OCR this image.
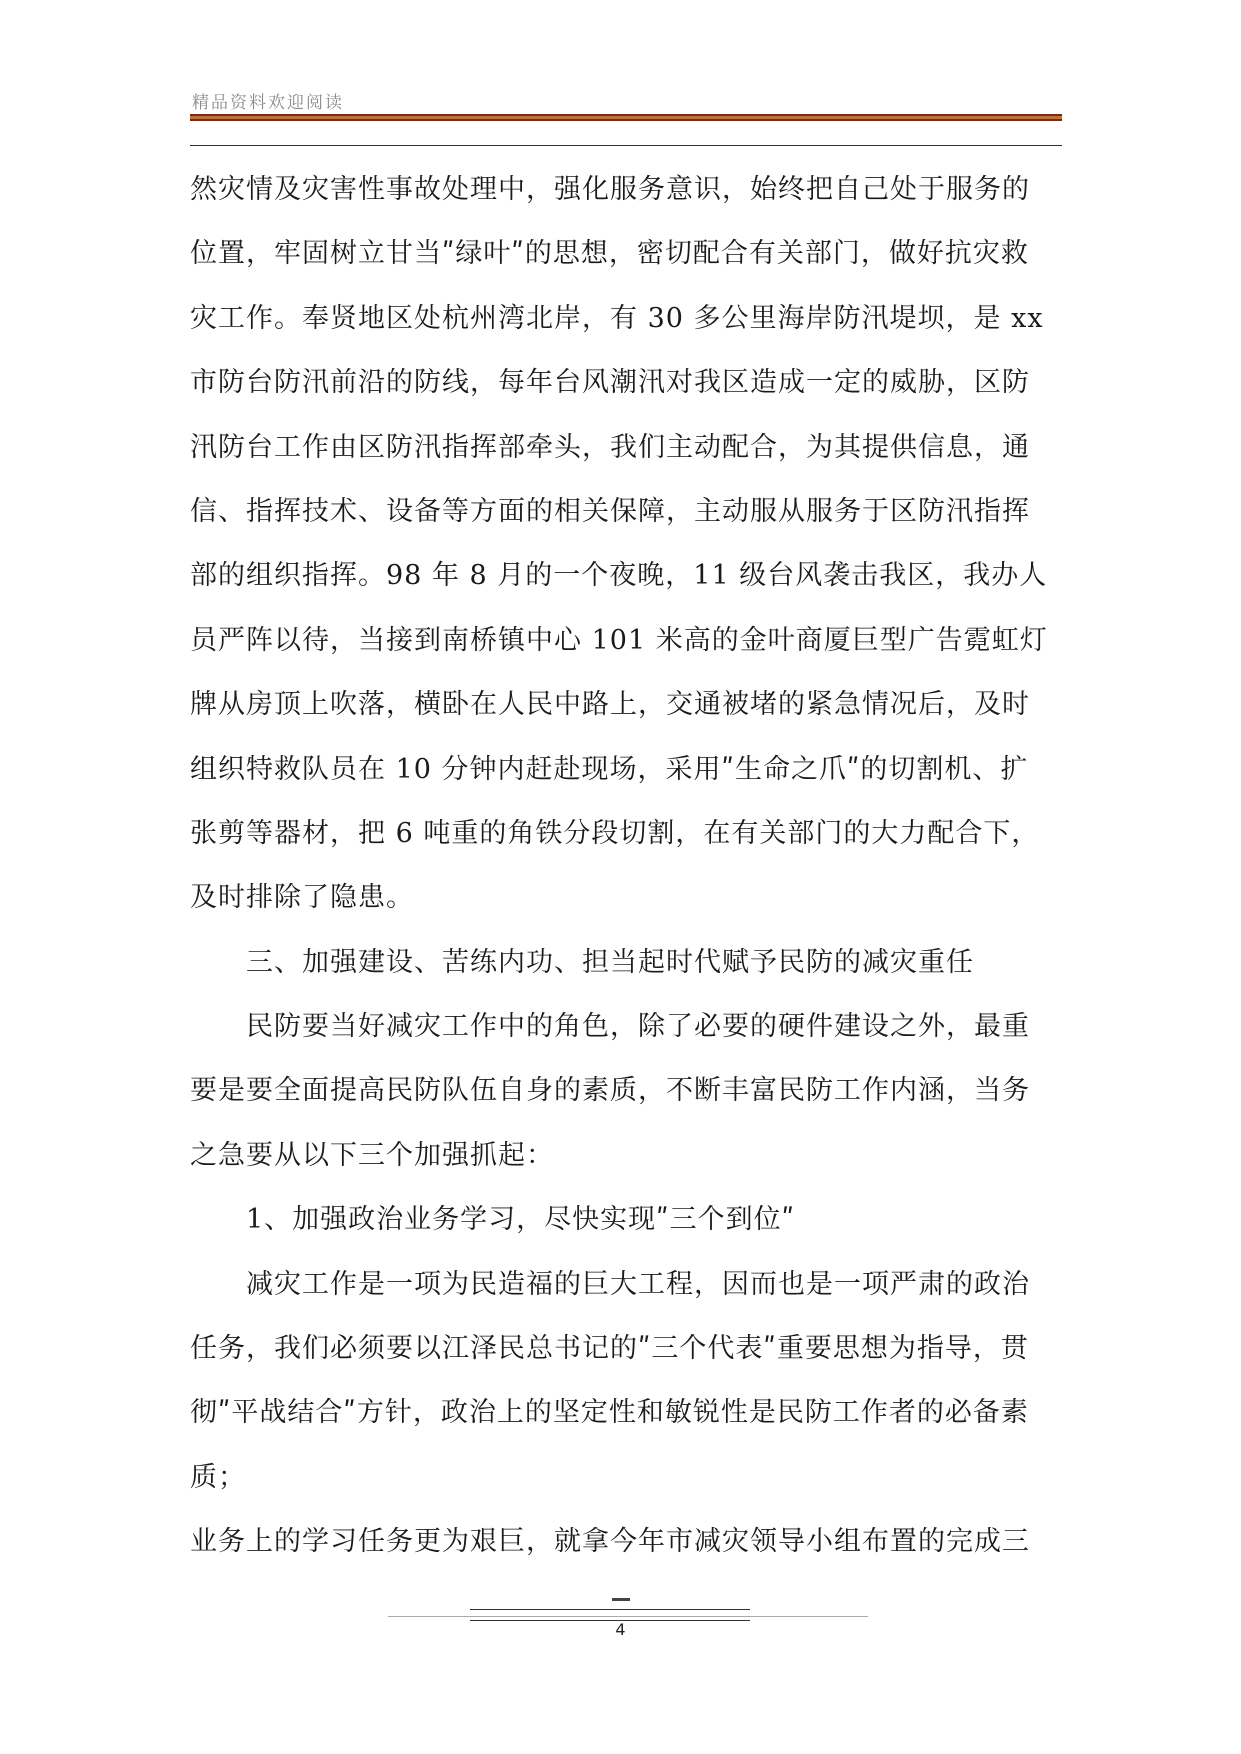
精品资料欢迎阅读
然灾情及灾害性事故处理中，强化服务意识，始终把自己处于服务的
位置，牢固树立甘当ʺ绿叶ʺ的思想，密切配合有关部门，做好抗灾救
灾工作。奉贤地区处杭州湾北岸，有 30 多公里海岸防汛堤坝，是 xx
市防台防汛前沿的防线，每年台风潮汛对我区造成一定的威胁，区防
汛防台工作由区防汛指挥部牵头，我们主动配合，为其提供信息，通
信、指挥技术、设备等方面的相关保障，主动服从服务于区防汛指挥
部的组织指挥。98 年 8 月的一个夜晚，11 级台风袭击我区，我办人
员严阵以待，当接到南桥镇中心 101 米高的金叶商厦巨型广告霓虹灯
牌从房顶上吹落，横卧在人民中路上，交通被堵的紧急情况后，及时
组织特救队员在 10 分钟内赶赴现场，采用ʺ生命之爪ʺ的切割机、扩
张剪等器材，把 6 吨重的角铁分段切割，在有关部门的大力配合下，
及时排除了隐患。
三、加强建设、苦练内功、担当起时代赋予民防的减灾重任
民防要当好减灾工作中的角色，除了必要的硬件建设之外，最重
要是要全面提高民防队伍自身的素质，不断丰富民防工作内涵，当务
之急要从以下三个加强抓起：
1、加强政治业务学习，尽快实现ʺ三个到位ʺ
减灾工作是一项为民造福的巨大工程，因而也是一项严肃的政治
任务，我们必须要以江泽民总书记的ʺ三个代表ʺ重要思想为指导，贯
彻ʺ平战结合ʺ方针，政治上的坚定性和敏锐性是民防工作者的必备素
质；
业务上的学习任务更为艰巨，就拿今年市减灾领导小组布置的完成三
4
